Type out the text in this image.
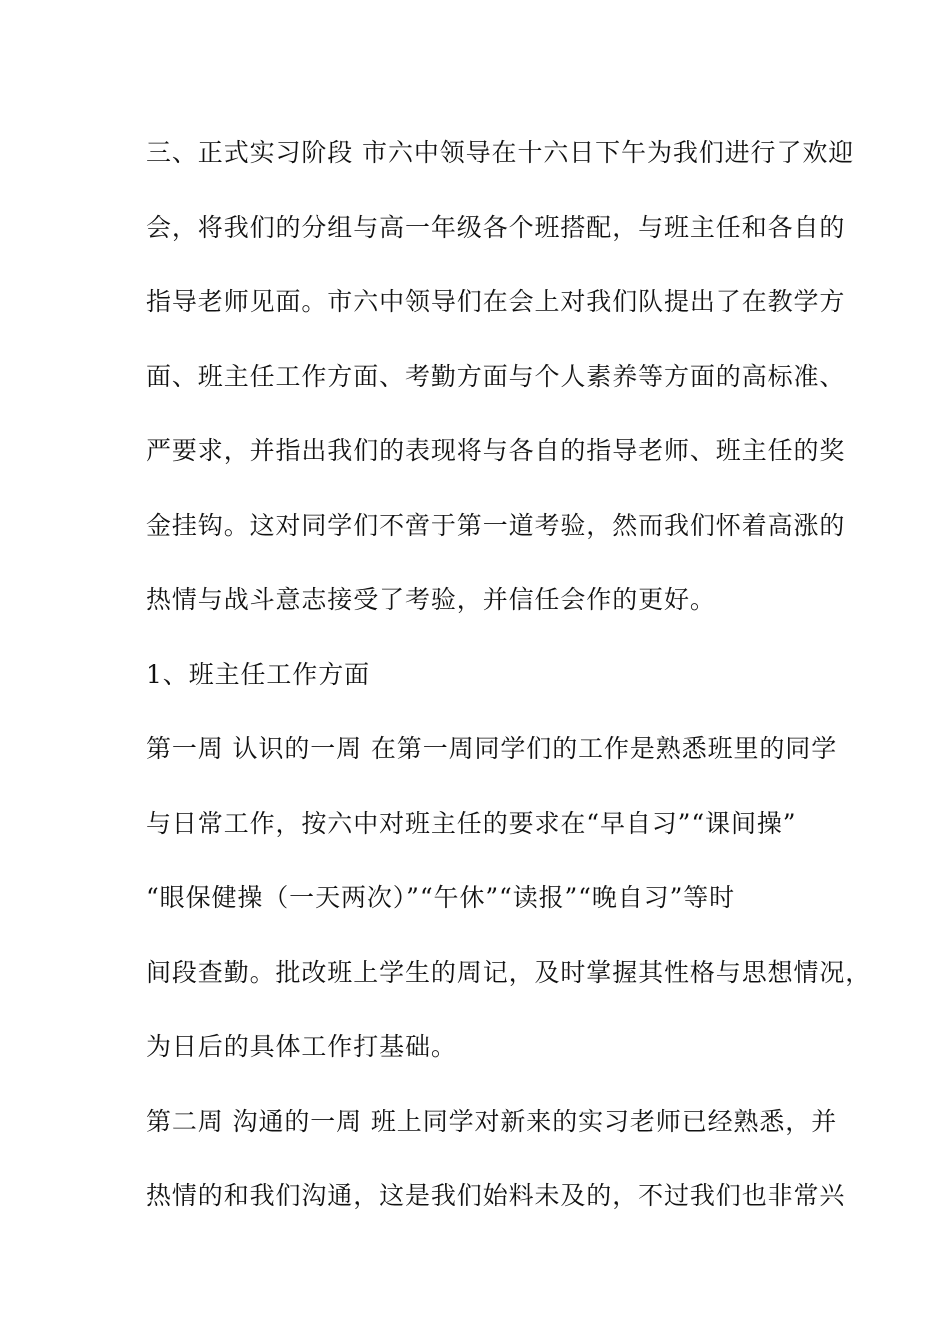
三、正式实习阶段 市六中领导在十六日下午为我们进行了欢迎
会，将我们的分组与高一年级各个班搭配，与班主任和各自的
指导老师见面。市六中领导们在会上对我们队提出了在教学方
面、班主任工作方面、考勤方面与个人素养等方面的高标准、
严要求，并指出我们的表现将与各自的指导老师、班主任的奖
金挂钩。这对同学们不啻于第一道考验，然而我们怀着高涨的
热情与战斗意志接受了考验，并信任会作的更好。
1、班主任工作方面
第一周 认识的一周 在第一周同学们的工作是熟悉班里的同学
与日常工作，按六中对班主任的要求在“早自习”“课间操”
“眼保健操（一天两次）”“午休”“读报”“晚自习”等时
间段查勤。批改班上学生的周记，及时掌握其性格与思想情况，
为日后的具体工作打基础。
第二周 沟通的一周 班上同学对新来的实习老师已经熟悉，并
热情的和我们沟通，这是我们始料未及的，不过我们也非常兴
